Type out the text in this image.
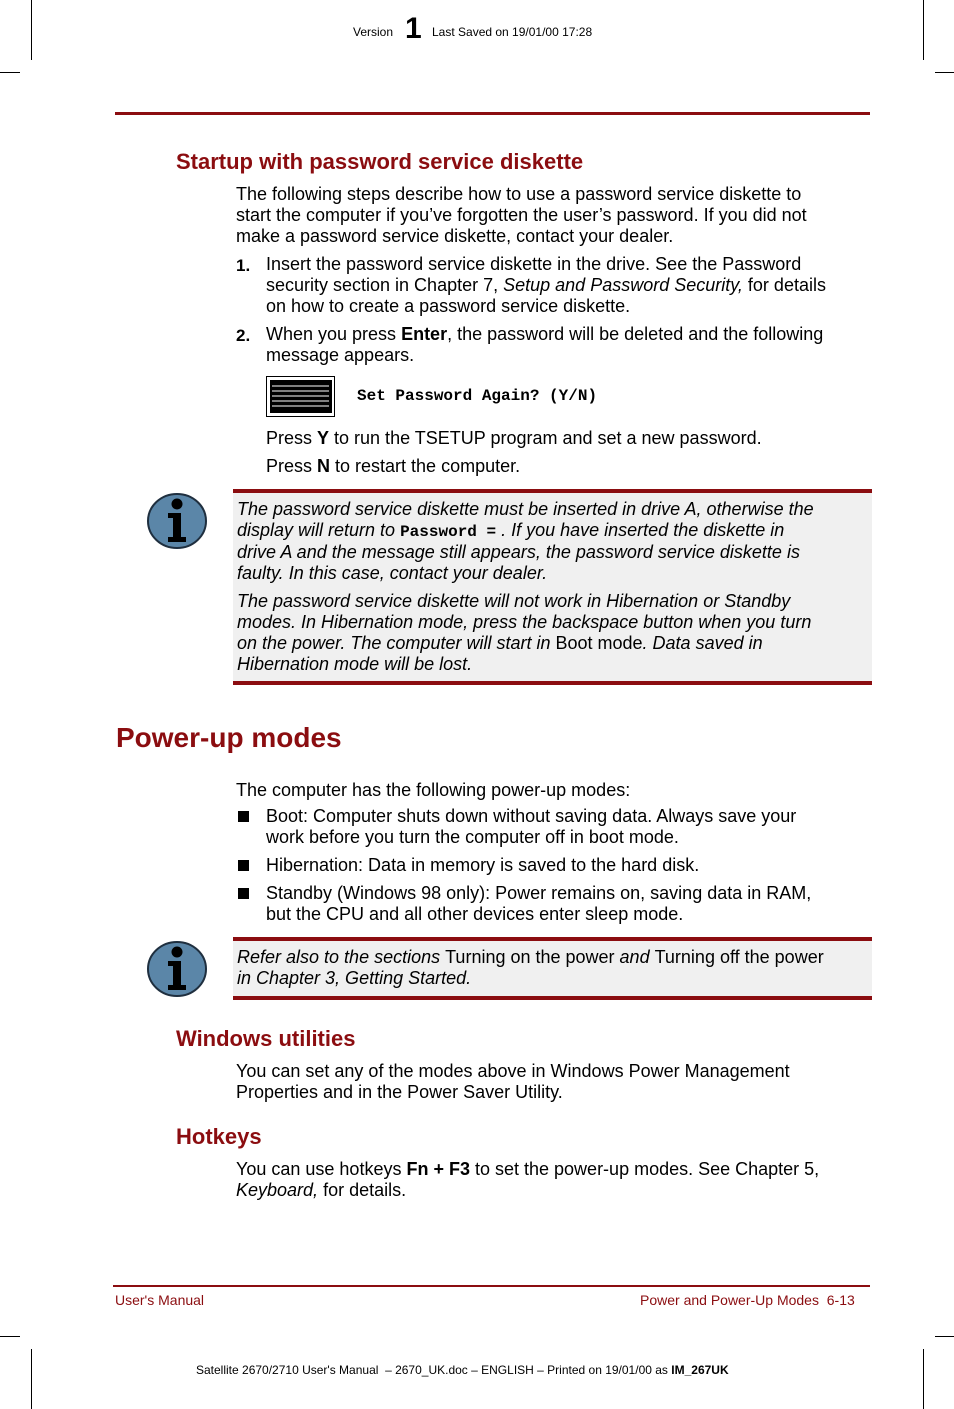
Version 1 Last Saved on 19/01/00 17:28
Startup with password service diskette
The following steps describe how to use a password service diskette to
start the computer if you’ve forgotten the user’s password. If you did not
make a password service diskette, contact your dealer.
1. Insert the password service diskette in the drive. See the Password
security section in Chapter 7, Setup and Password Security, for details
on how to create a password service diskette.
2. When you press Enter, the password will be deleted and the following
message appears.
Set Password Again? (Y/N)
Press Y to run the TSETUP program and set a new password.
Press N to restart the computer.
The password service diskette must be inserted in drive A, otherwise the
display will return to Password = . If you have inserted the diskette in
drive A and the message still appears, the password service diskette is
faulty. In this case, contact your dealer.
The password service diskette will not work in Hibernation or Standby
modes. In Hibernation mode, press the backspace button when you turn
on the power. The computer will start in Boot mode. Data saved in
Hibernation mode will be lost.
Power-up modes
The computer has the following power-up modes:
Boot: Computer shuts down without saving data. Always save your
work before you turn the computer off in boot mode.
Hibernation: Data in memory is saved to the hard disk.
Standby (Windows 98 only): Power remains on, saving data in RAM,
but the CPU and all other devices enter sleep mode.
Refer also to the sections Turning on the power and Turning off the power
in Chapter 3, Getting Started.
Windows utilities
You can set any of the modes above in Windows Power Management
Properties and in the Power Saver Utility.
Hotkeys
You can use hotkeys Fn + F3 to set the power-up modes. See Chapter 5,
Keyboard, for details.
User's Manual	Power and Power-Up Modes  6-13
Satellite 2670/2710 User's Manual  – 2670_UK.doc – ENGLISH – Printed on 19/01/00 as IM_267UK
